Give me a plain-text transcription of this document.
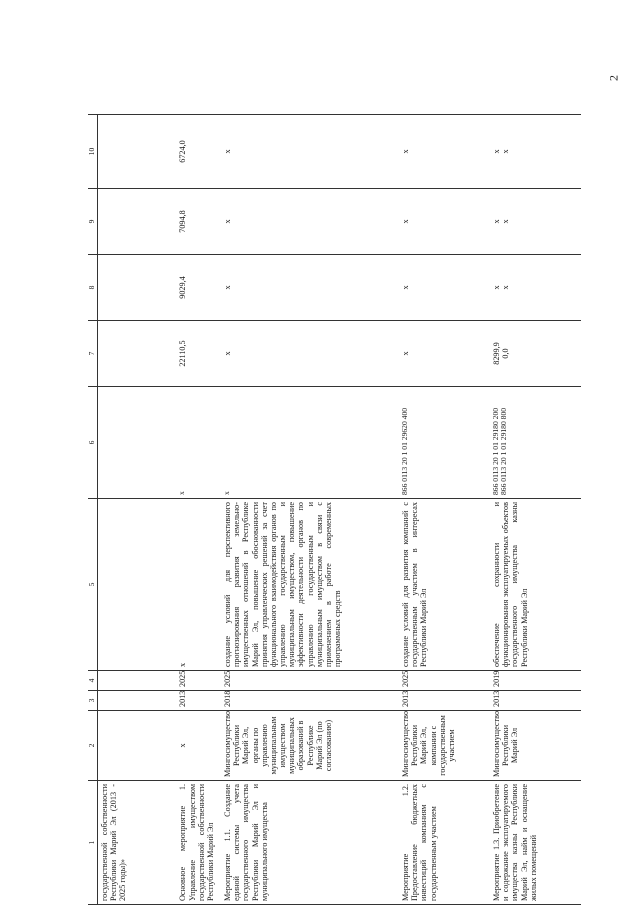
2
1	2	3	4	5	6	7	8	9	10
государственной собственности Республики Марий Эл (2013 - 2025 годы)»						

Основное мероприятие 1. Управление имуществом государственной собственности Республики Марий Эл	x	2013	2025	x	x	22110,5	9029,4	7094,8	6724,0

Мероприятие 1.1. Создание единой системы учета государственного имущества Республики Марий Эл и муниципального имущества	Мингосимущество Республики Марий Эл, органы по управлению муниципальным имуществом муниципальных образований в Республике Марий Эл (по согласованию)	2018	2025	создание условий для перспективного прогнозирования развития земельно-имущественных отношений в Республике Марий Эл, повышение обоснованности принятия управленческих решений за счет функционального взаимодействия органов по управлению государственным и муниципальным имуществом, повышение эффективности деятельности органов по управлению государственным и муниципальным имуществом в связи с применением в работе современных программных средств	x	x	x	x	x

Мероприятие 1.2. Предоставление бюджетных инвестиций компаниям с государственным участием	Мингосимущество Республики Марий Эл, компании с государственным участием	2013	2025	создание условий для развития компаний с государственным участием в интересах Республики Марий Эл	866 0113 20 1 01 29620 400	x	x	x	x

Мероприятие 1.3. Приобретение и содержание эксплуатируемого имущества казны Республики Марий Эл, найм и оснащение жилых помещений	Мингосимущество Республики Марий Эл	2013	2019	обеспечение сохранности и функционирования эксплуатируемых объектов государственного имущества казны Республики Марий Эл	866 0113 20 1 01 29180 200 866 0113 20 1 01 29180 800	8299,9 0,0	x x	x x	x x
